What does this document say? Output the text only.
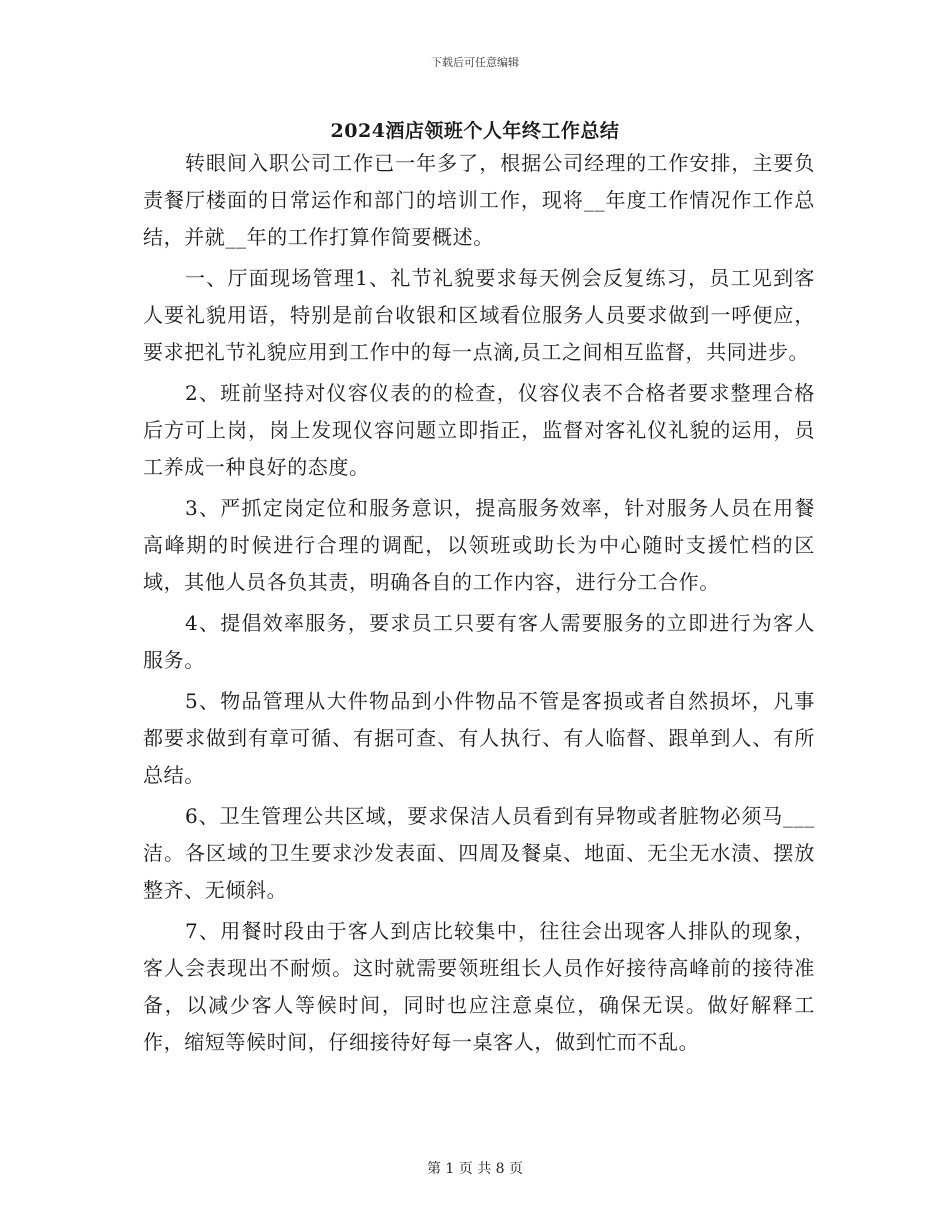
下载后可任意编辑
2024酒店领班个人年终工作总结

转眼间入职公司工作已一年多了，根据公司经理的工作安排，主要负责餐厅楼面的日常运作和部门的培训工作，现将__年度工作情况作工作总结，并就__年的工作打算作简要概述。

一、厅面现场管理1、礼节礼貌要求每天例会反复练习，员工见到客人要礼貌用语，特别是前台收银和区域看位服务人员要求做到一呼便应，要求把礼节礼貌应用到工作中的每一点滴,员工之间相互监督，共同进步。

2、班前坚持对仪容仪表的的检查，仪容仪表不合格者要求整理合格后方可上岗，岗上发现仪容问题立即指正，监督对客礼仪礼貌的运用，员工养成一种良好的态度。

3、严抓定岗定位和服务意识，提高服务效率，针对服务人员在用餐高峰期的时候进行合理的调配，以领班或助长为中心随时支援忙档的区域，其他人员各负其责，明确各自的工作内容，进行分工合作。

4、提倡效率服务，要求员工只要有客人需要服务的立即进行为客人服务。

5、物品管理从大件物品到小件物品不管是客损或者自然损坏，凡事都要求做到有章可循、有据可查、有人执行、有人临督、跟单到人、有所总结。

6、卫生管理公共区域，要求保洁人员看到有异物或者脏物必须马___洁。各区域的卫生要求沙发表面、四周及餐桌、地面、无尘无水渍、摆放整齐、无倾斜。

7、用餐时段由于客人到店比较集中，往往会出现客人排队的现象，客人会表现出不耐烦。这时就需要领班组长人员作好接待高峰前的接待准备，以减少客人等候时间，同时也应注意桌位，确保无误。做好解释工作，缩短等候时间，仔细接待好每一桌客人，做到忙而不乱。

第 1 页 共 8 页
